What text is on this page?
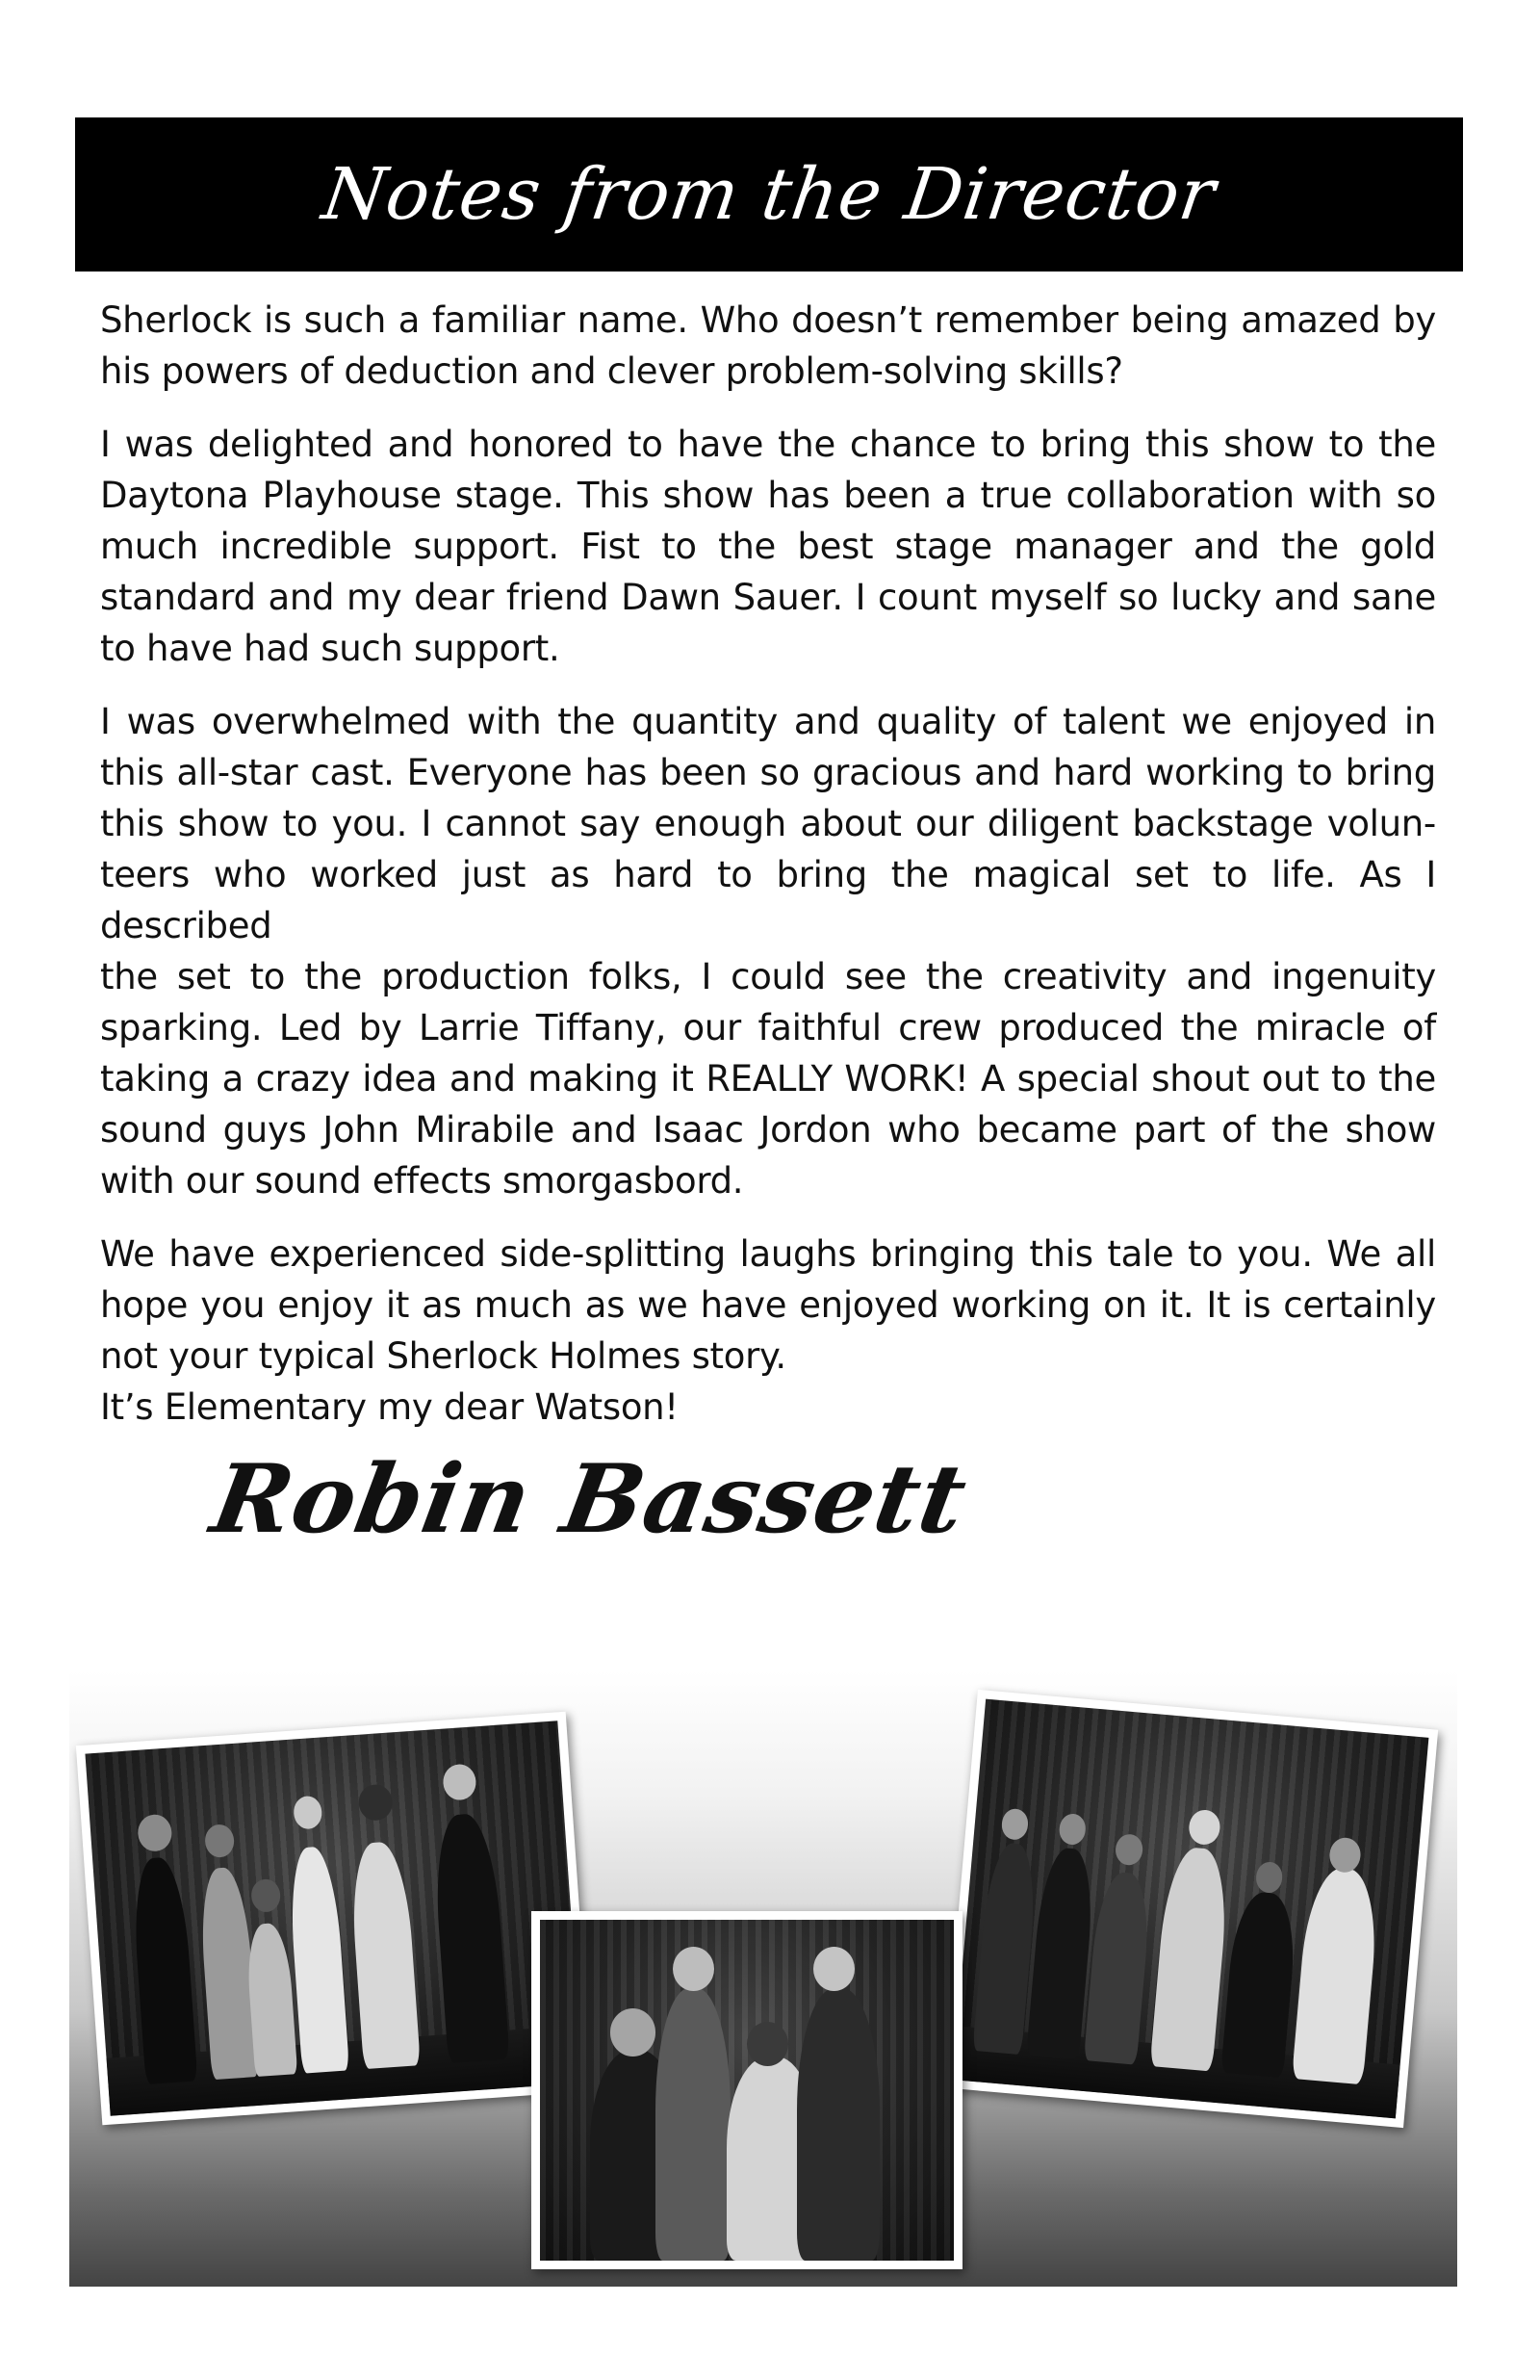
Notes from the Director

Sherlock is such a familiar name. Who doesn’t remember being amazed by
his powers of deduction and clever problem-solving skills?

I was delighted and honored to have the chance to bring this show to the
Daytona Playhouse stage. This show has been a true collaboration with so
much incredible support. Fist to the best stage manager and the gold
standard and my dear friend Dawn Sauer. I count myself so lucky and sane
to have had such support.

I was overwhelmed with the quantity and quality of talent we enjoyed in
this all-star cast. Everyone has been so gracious and hard working to bring
this show to you. I cannot say enough about our diligent backstage volun-
teers who worked just as hard to bring the magical set to life. As I described
the set to the production folks, I could see the creativity and ingenuity
sparking. Led by Larrie Tiffany, our faithful crew produced the miracle of
taking a crazy idea and making it REALLY WORK! A special shout out to the
sound guys John Mirabile and Isaac Jordon who became part of the show
with our sound effects smorgasbord.

We have experienced side-splitting laughs bringing this tale to you. We all
hope you enjoy it as much as we have enjoyed working on it. It is certainly
not your typical Sherlock Holmes story.
It’s Elementary my dear Watson!

Robin Bassett
